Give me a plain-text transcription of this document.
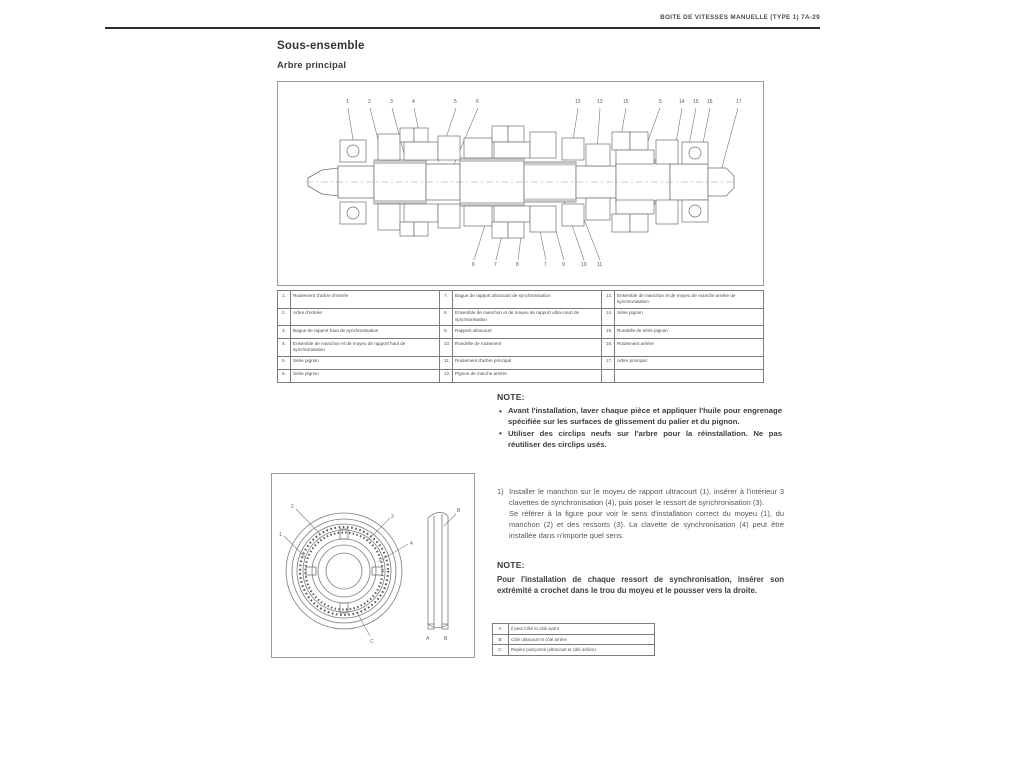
BOITE DE VITESSES MANUELLE (TYPE 1) 7A-29
Sous-ensemble
Arbre principal
1	2	3	4	5	6	12	13	15	5	14 15 16	17
6	7	8	7	9	10 11
1.	Roulement d'arbre d'entrée	7.	Bague de rapport ultracourt de synchronisation	13.	Ensemble de manchon et de moyeu de manche arrière de synchronisation
2.	Arbre d'entrée	8.	Ensemble de manchon et de moyeu de rapport ultra-court de synchronisation	14.	Série pignon
3.	Bague de rapport haut de synchronisation	9.	Rapport ultracourt	15.	Rondelle de série pignon
4.	Ensemble de manchon et de moyeu de rapport haut de synchronisation	10.	Rondelle de roulement	16.	Roulement arrière
5.	Série pignon	11.	Roulement d'arbre principal	17.	Arbre principal
6.	Série pignon	12.	Pignon de marche arrière		
NOTE:
• Avant l'installation, laver chaque pièce et appliquer l'huile pour engrenage spécifiée sur les surfaces de glissement du palier et du pignon.
• Utiliser des circlips neufs sur l'arbre pour la réinstallation. Ne pas réutiliser des circlips usés.
1) Installer le manchon sur le moyeu de rapport ultracourt (1), insérer à l'intérieur 3 clavettes de synchronisation (4), puis poser le ressort de synchronisation (3).

Se référer à la figure pour voir le sens d'installation correct du moyeu (1), du manchon (2) et des ressorts (3). La clavette de synchronisation (4) peut être installée dans n'importe quel sens.

NOTE:
Pour l'installation de chaque ressort de synchronisation, insérer son extrémité a crochet dans le trou du moyeu et le pousser vers la droite.
2
3
1
4
C
B
A	B
A:	Il peut Côté et côté avant
B:	Côté ultracourt et côté arrière
C:	Repère poinçonné (ultracourt et côté arrière)
